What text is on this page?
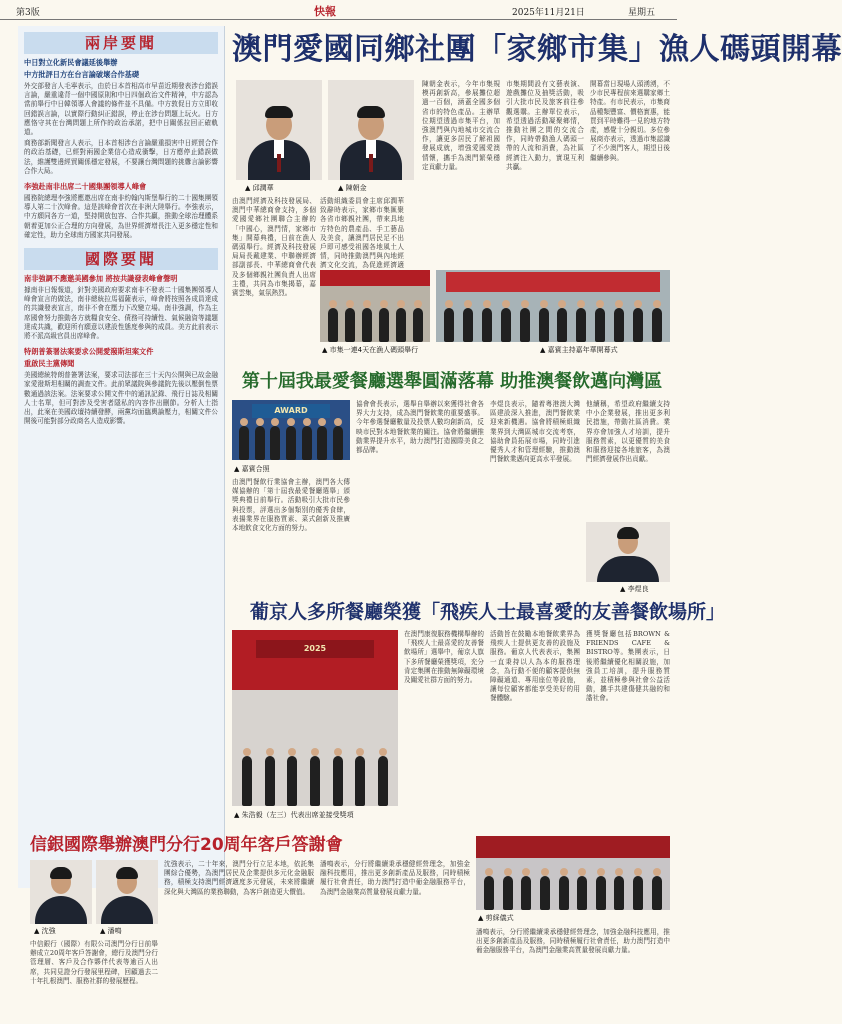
第3版	快報	2025年11月21日	星期五
兩岸要聞
中日對立化新民會議延後舉辦
中方批評日方在台言論破壞合作基礎
外交部發言人毛寧表示，由於日本首相高市早苗近期發表涉台錯誤言論，嚴重違背一個中國原則和中日四個政治文件精神，中方認為當前舉行中日韓領導人會議的條件並不具備。中方敦促日方立即收回錯誤言論，以實際行動糾正錯誤，停止在涉台問題上玩火。日方應恪守其在台灣問題上所作的政治承諾，把中日關係拉回正確軌道。
商務部新聞發言人表示，日本首相涉台言論嚴重損害中日經貿合作的政治基礎，已經對兩國企業信心造成衝擊，日方應停止錯誤做法，維護雙邊經貿關係穩定發展，不要讓台灣問題的挑釁言論影響合作大局。
李強赴南非出席二十國集團領導人峰會
國務院總理李強將應邀出席在南非約翰內斯堡舉行的二十國集團領導人第二十次峰會。這是該峰會首次在非洲大陸舉行。李強表示，中方願同各方一道，堅持開放包容、合作共贏，推動全球治理體系朝着更加公正合理的方向發展，為世界經濟增長注入更多穩定性和確定性，助力全球南方國家共同發展。
國際要聞
南非強調不應邀美國參加 將按共識發表峰會聲明
據南非日報報道，針對美國政府要求南非不發表二十國集團領導人峰會宣言的做法，南非總統拉馬福薩表示，峰會將按照各成員達成的共識發表宣言，南非不會在壓力下改變立場。南非強調，作為主席國會努力推動各方就糧食安全、債務可持續性、氣候融資等議題達成共識，歡迎所有願意以建設性態度參與的成員。美方此前表示將不派高級官員出席峰會。
特朗普簽署法案要求公開愛潑斯坦案文件
重啟民主黨傳聞
美國總統特朗普簽署法案，要求司法部在三十天內公開與已故金融家愛潑斯坦相關的調查文件。此前眾議院與參議院先後以壓倒性票數通過該法案。法案要求公開文件中的通訊記錄、飛行日誌及相關人士名單，但可對涉及受害者隱私的內容作出刪節。分析人士指出，此案在美國政壇持續發酵，兩黨均面臨輿論壓力，相關文件公開後可能對部分政商名人造成影響。
澳門愛國同鄉社團「家鄉市集」漁人碼頭開幕
▲ 邱潤華	▲ 陳朝金
由澳門經濟及科技發展局、澳門中華總商會支持，多個愛國愛鄉社團聯合主辦的「中國心，澳門情，家鄉市集」開幕典禮，日前在漁人碼頭舉行。經濟及科技發展局局長戴建業、中聯辦經濟部副部長、中華總商會代表及多個鄉親社團負責人出席主禮，共同為市集揭幕，嘉賓雲集，氣氛熱烈。
活動組織委員會主席邱潤華致辭時表示，家鄉市集匯聚各省市鄉親社團，帶來具地方特色的農產品、手工藝品及美食，讓澳門居民足不出戶即可感受祖國各地風土人情，同時推動澳門與內地經濟文化交流，為促進經濟適
陳朝金表示，今年市集規模再創新高，參展攤位超過一百個，涵蓋全國多個省市的特色產品。主辦單位期望透過市集平台，加強澳門與內地城市交流合作，讓更多居民了解祖國發展成就，增強愛國愛澳情懷，攜手為澳門繁榮穩定貢獻力量。
市集期間設有文藝表演、遊戲攤位及抽獎活動，吸引大批市民及旅客前往參觀選購。主辦單位表示，希望透過活動凝聚鄉情，推動社團之間的交流合作，同時帶動漁人碼頭一帶的人流和消費，為社區經濟注入動力，實現互利共贏。
開幕當日現場人頭湧湧，不少市民專程前來選購家鄉土特產。有市民表示，市集商品種類豐富、價格實惠，能買到平時難得一見的地方特產，感覺十分親切。多位參展商亦表示，透過市集認識了不少澳門客人，期望日後繼續參與。
▲ 市集一連4天在漁人碼頭舉行	▲ 嘉賓主持嘉年華開幕式
第十屆我最愛餐廳選舉圓滿落幕 助推澳餐飲邁向灣區
AWARD
▲ 嘉賓合照
由澳門餐飲行業協會主辦，澳門各大傳媒協辦的「第十屆我最愛餐廳選舉」頒獎典禮日前舉行。活動吸引大批市民參與投票，評選出多個類別的優秀食肆，表揚業界在服務質素、菜式創新及推廣本地飲食文化方面的努力。
協會會長表示，選舉自舉辦以來獲得社會各界大力支持，成為澳門餐飲業的重要盛事。今年參選餐廳數量及投票人數均創新高，反映市民對本地餐飲業的關注。協會將繼續推動業界提升水平，助力澳門打造國際美食之都品牌。
李煜良表示，隨着粵港澳大灣區建設深入推進，澳門餐飲業迎來新機遇。協會將積極組織業界到大灣區城市交流考察，協助會員拓展市場，同時引進優秀人才和管理經驗，推動澳門餐飲業邁向更高水平發展。
他續稱，希望政府繼續支持中小企業發展，推出更多利民措施，帶動社區消費。業界亦會加強人才培訓，提升服務質素，以更優質的美食和服務迎接各地旅客，為澳門經濟發展作出貢獻。
▲ 李煜良
葡京人多所餐廳榮獲「飛疾人士最喜愛的友善餐飲場所」
2025
▲ 朱浩毅（左三）代表出席並接受獎項
在澳門康復服務機構舉辦的「飛疾人士最喜愛的友善餐飲場所」選舉中，葡京人旗下多所餐廳榮獲獎項，充分肯定集團在推動無障礙環境及關愛社群方面的努力。
活動旨在鼓勵本地餐飲業界為飛疾人士提供更友善的設施及服務。葡京人代表表示，集團一直秉持以人為本的服務理念，為行動不便的顧客提供無障礙通道、專用座位等設施，讓每位顧客都能享受美好的用餐體驗。
獲獎餐廳包括BROWN & FRIENDS CAFE & BISTRO等。集團表示，日後將繼續優化相關設施，加強員工培訓，提升服務質素，並積極參與社會公益活動，攜手共建傷健共融的和諧社會。
信銀國際舉辦澳門分行20周年客戶答謝會
▲ 沈強	▲ 潘鳴
中信銀行（國際）有限公司澳門分行日前舉辦成立20周年客戶答謝會，總行及澳門分行管理層、客戶及合作夥伴代表等逾百人出席，共同見證分行發展里程碑，回顧過去二十年扎根澳門、服務社群的發展歷程。
沈強表示，二十年來，澳門分行立足本地，依託集團綜合優勢，為澳門居民及企業提供多元化金融服務，積極支持澳門經濟適度多元發展，未來將繼續深化與大灣區的業務聯動，為客戶創造更大價值。
潘鳴表示，分行將繼續秉承穩健經營理念，加強金融科技應用，推出更多創新產品及服務，同時積極履行社會責任，助力澳門打造中葡金融服務平台，為澳門金融業高質量發展貢獻力量。
▲ 剪綵儀式
潘鳴表示，分行將繼續秉承穩健經營理念，加強金融科技應用，推出更多創新產品及服務，同時積極履行社會責任，助力澳門打造中葡金融服務平台，為澳門金融業高質量發展貢獻力量。
